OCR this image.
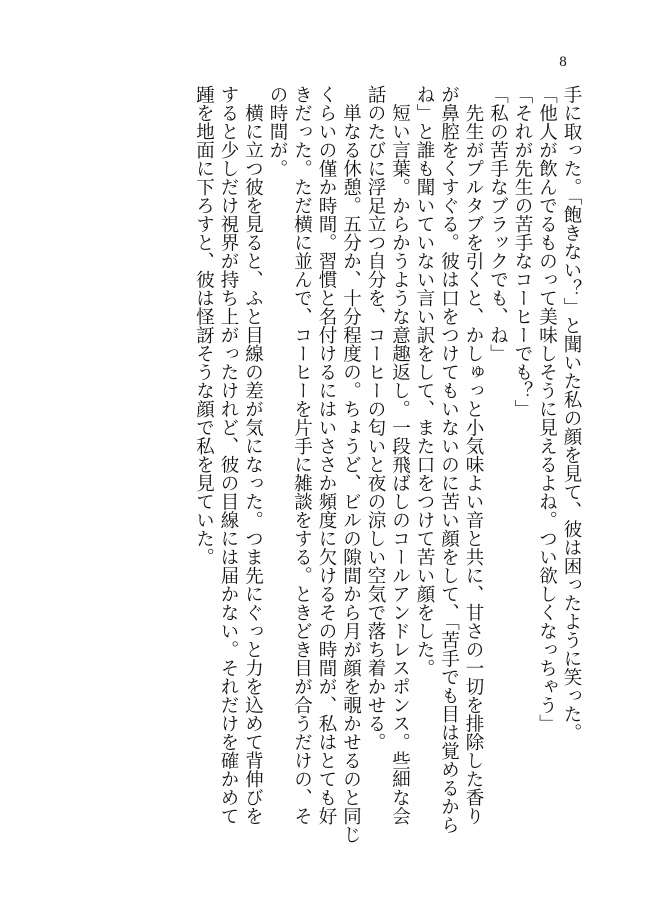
8
手に取った。「飽きない？」と聞いた私の顔を見て、彼は困ったように笑った。
「他人が飲んでるものって美味しそうに見えるよね。つい欲しくなっちゃう」
「それが先生の苦手なコーヒーでも？」
「私の苦手なブラックでも、ね」
　先生がプルタブを引くと、かしゅっと小気味よい音と共に、甘さの一切を排除した香り
が鼻腔をくすぐる。彼は口をつけてもいないのに苦い顔をして、「苦手でも目は覚めるから
ね」と誰も聞いていない言い訳をして、また口をつけて苦い顔をした。
　短い言葉。からかうような意趣返し。一段飛ばしのコールアンドレスポンス。些細な会
話のたびに浮足立つ自分を、コーヒーの匂いと夜の涼しい空気で落ち着かせる。
　単なる休憩。五分か、十分程度の。ちょうど、ビルの隙間から月が顔を覗かせるのと同じ
くらいの僅か時間。習慣と名付けるにはいささか頻度に欠けるその時間が、私はとても好
きだった。ただ横に並んで、コーヒーを片手に雑談をする。ときどき目が合うだけの、そ
の時間が。
　横に立つ彼を見ると、ふと目線の差が気になった。つま先にぐっと力を込めて背伸びを
すると少しだけ視界が持ち上がったけれど、彼の目線には届かない。それだけを確かめて
踵を地面に下ろすと、彼は怪訝そうな顔で私を見ていた。
